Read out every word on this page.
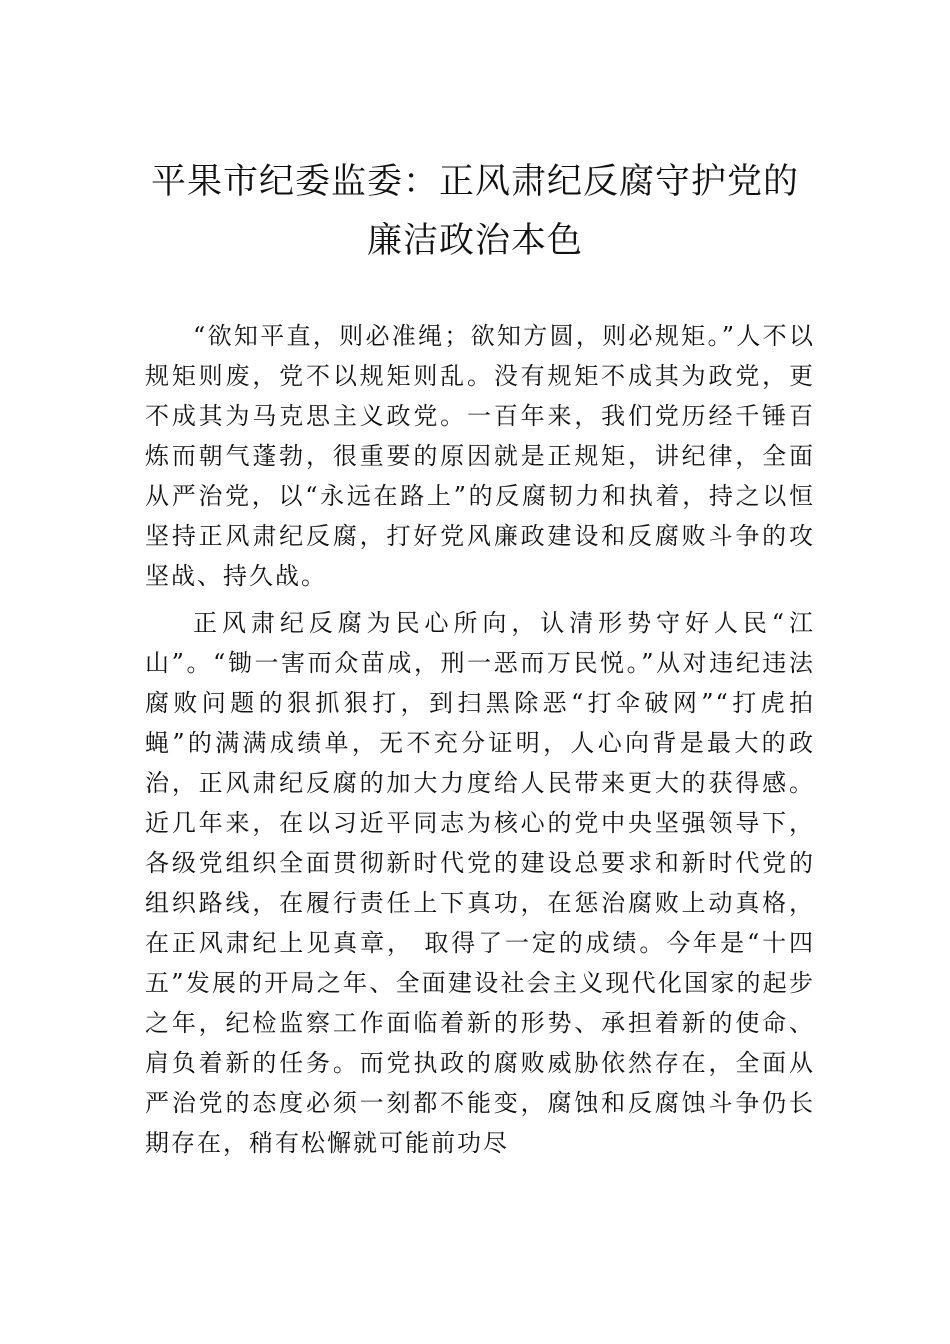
平果市纪委监委：正风肃纪反腐守护党的
廉洁政治本色

“欲知平直，则必准绳；欲知方圆，则必规矩。”人不以规矩则废，党不以规矩则乱。没有规矩不成其为政党，更不成其为马克思主义政党。一百年来，我们党历经千锤百炼而朝气蓬勃，很重要的原因就是正规矩，讲纪律，全面从严治党，以“永远在路上”的反腐韧力和执着，持之以恒坚持正风肃纪反腐，打好党风廉政建设和反腐败斗争的攻坚战、持久战。

正风肃纪反腐为民心所向，认清形势守好人民“江山”。“锄一害而众苗成，刑一恶而万民悦。”从对违纪违法腐败问题的狠抓狠打，到扫黑除恶“打伞破网”“打虎拍蝇”的满满成绩单，无不充分证明，人心向背是最大的政治，正风肃纪反腐的加大力度给人民带来更大的获得感。近几年来，在以习近平同志为核心的党中央坚强领导下，各级党组织全面贯彻新时代党的建设总要求和新时代党的组织路线，在履行责任上下真功，在惩治腐败上动真格，在正风肃纪上见真章， 取得了一定的成绩。今年是“十四五”发展的开局之年、全面建设社会主义现代化国家的起步之年，纪检监察工作面临着新的形势、承担着新的使命、肩负着新的任务。而党执政的腐败威胁依然存在，全面从严治党的态度必须一刻都不能变，腐蚀和反腐蚀斗争仍长期存在，稍有松懈就可能前功尽
